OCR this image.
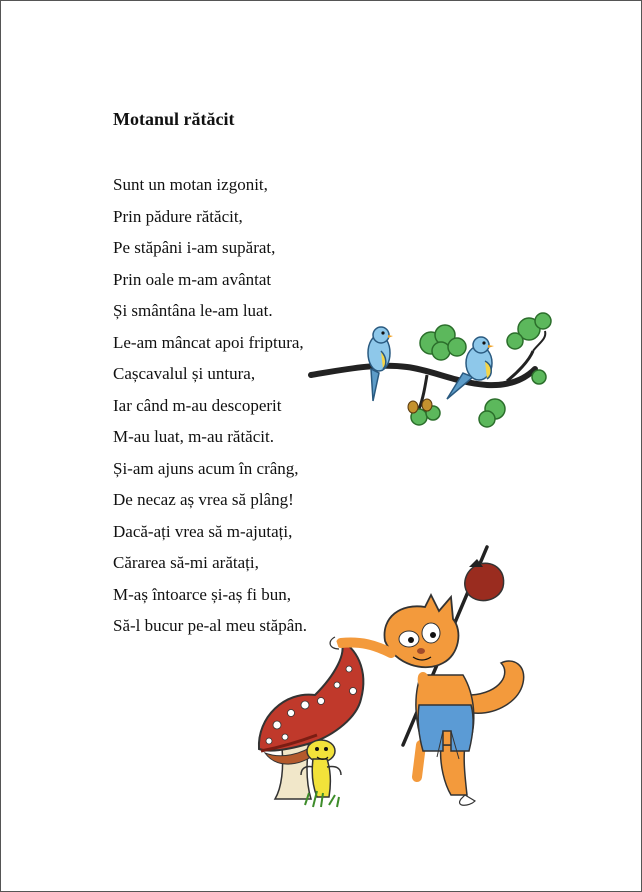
Motanul rătăcit
Sunt un motan izgonit,
Prin pădure rătăcit,
Pe stăpâni i-am supărat,
Prin oale m-am avântat
Și smântâna le-am luat.
Le-am mâncat apoi friptura,
Cașcavalul și untura,
Iar când m-au descoperit
M-au luat, m-au rătăcit.
Și-am ajuns acum în crâng,
De necaz aș vrea să plâng!
Dacă-ați vrea să m-ajutați,
Cărarea să-mi arătați,
M-aș întoarce și-aș fi bun,
Să-l bucur pe-al meu stăpân.
